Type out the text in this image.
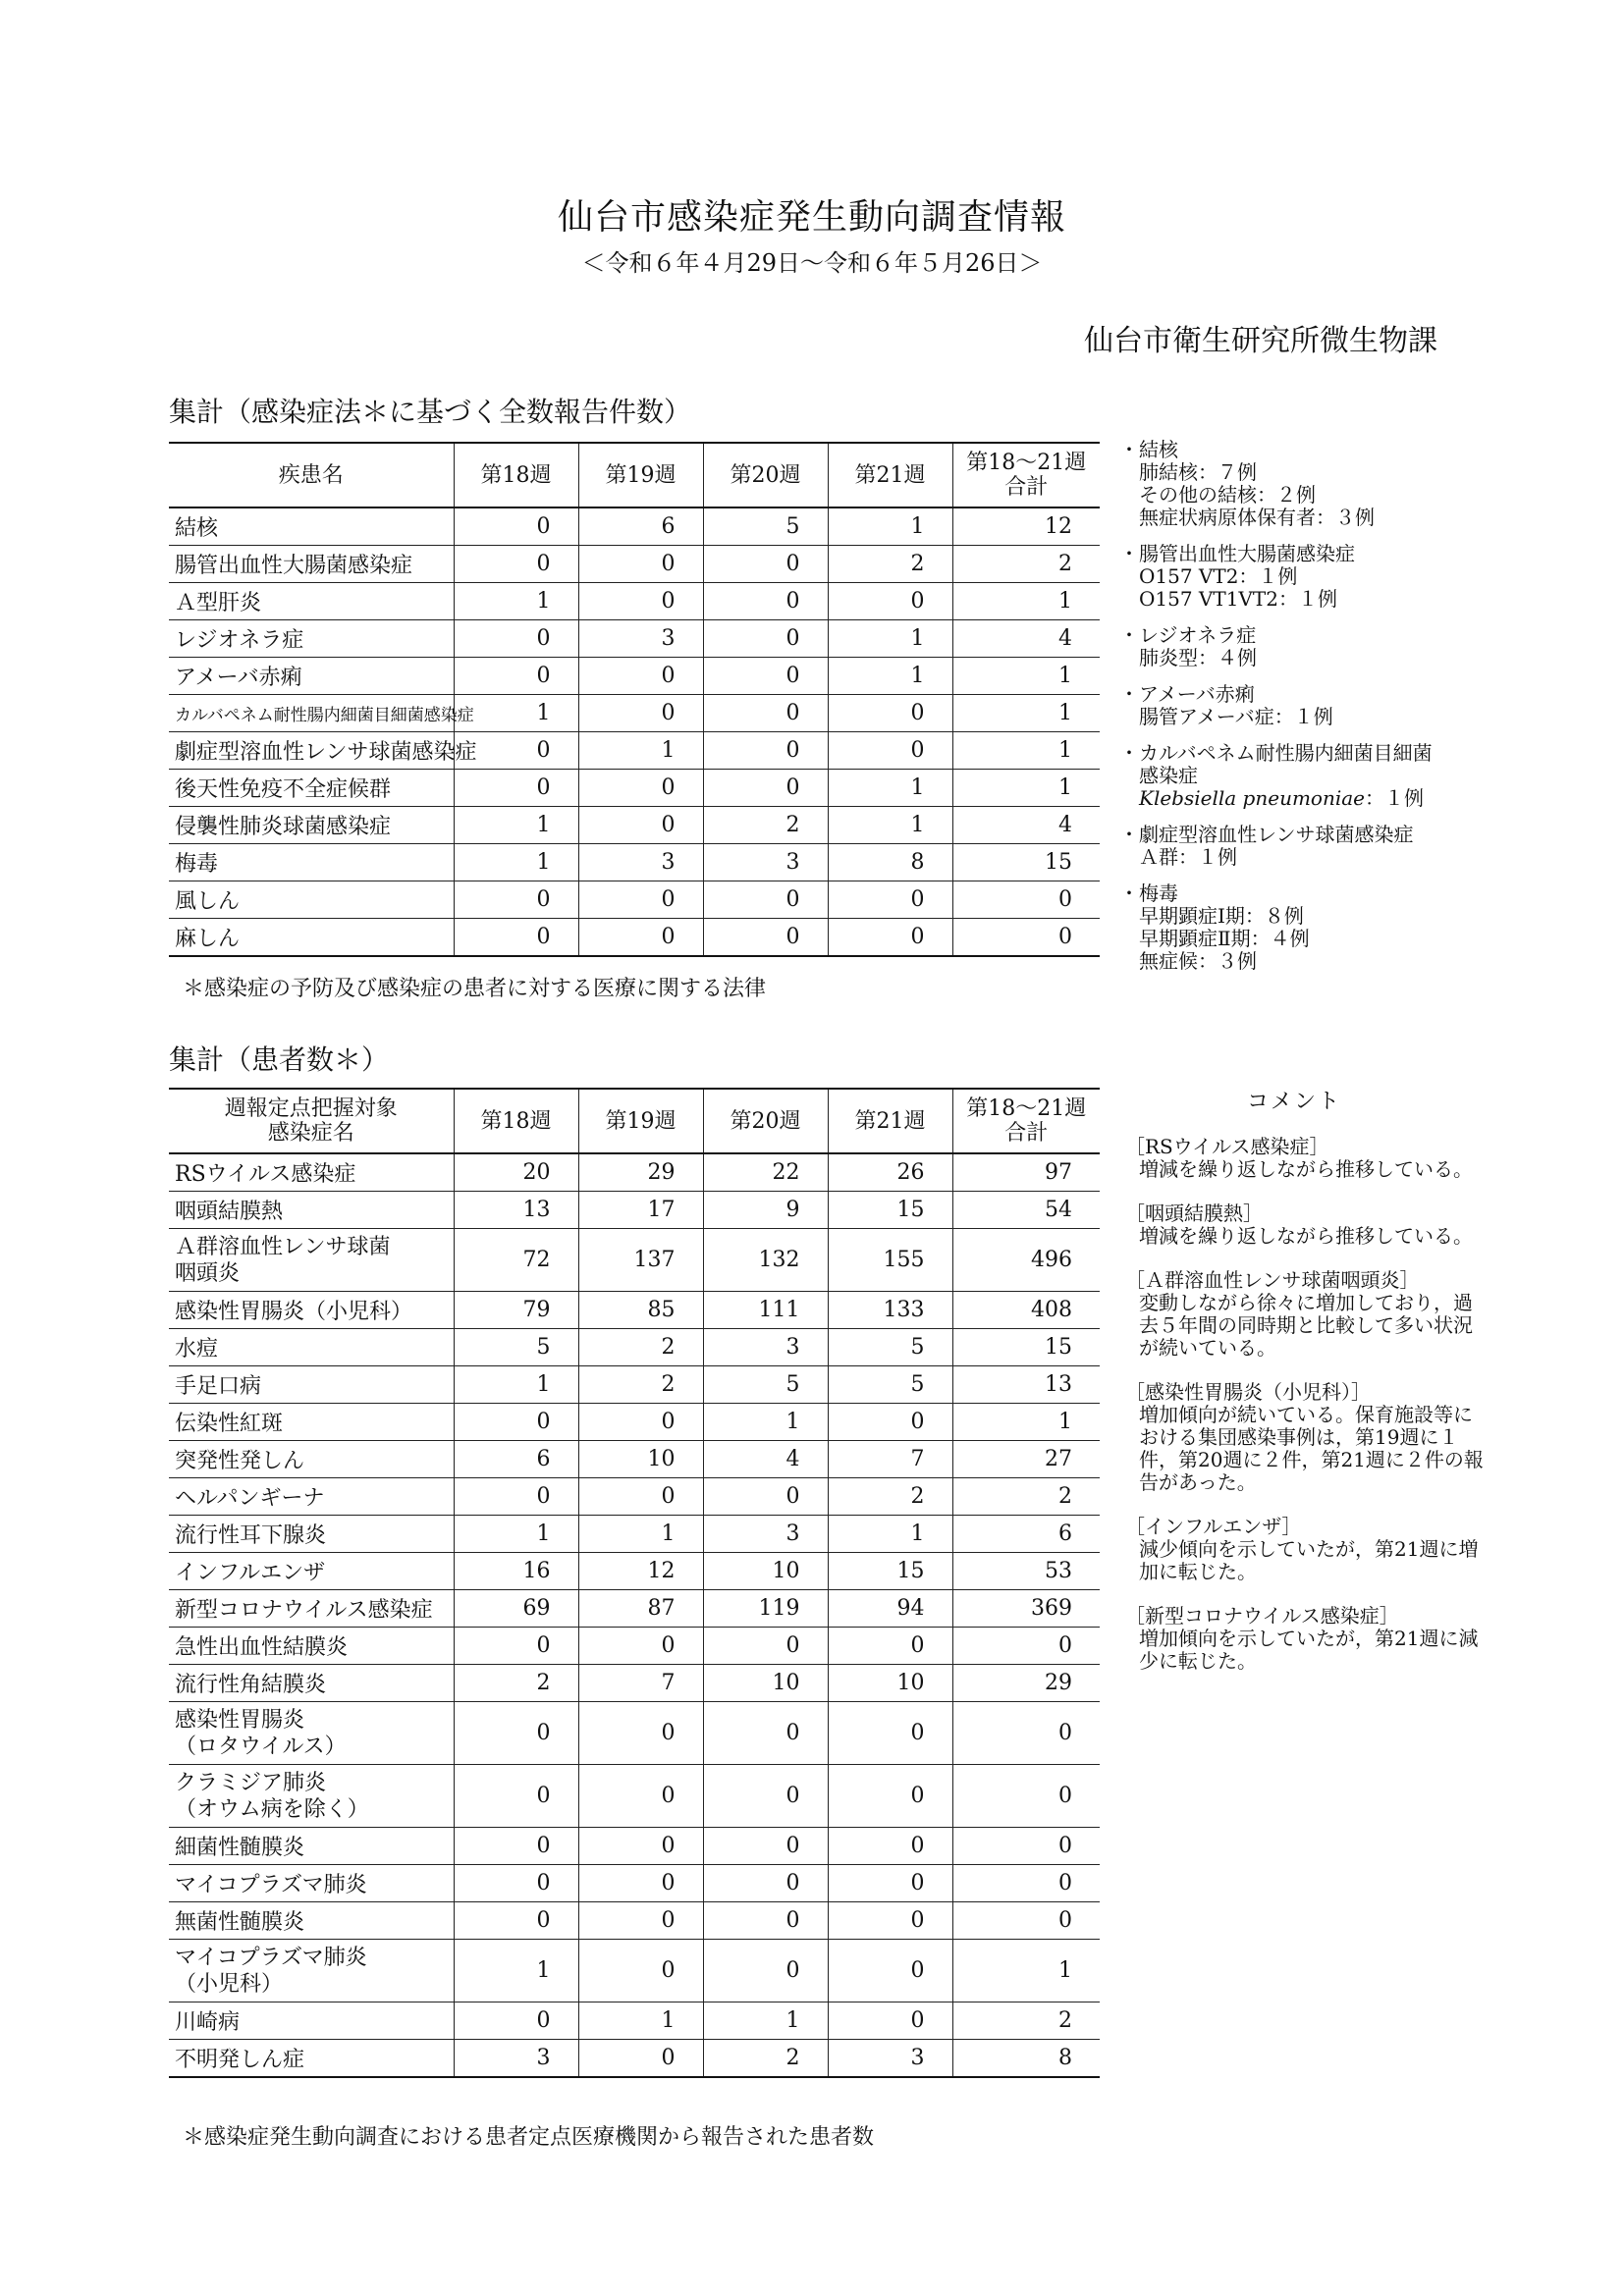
仙台市感染症発生動向調査情報
＜令和６年４月29日～令和６年５月26日＞
仙台市衛生研究所微生物課
集計（感染症法＊に基づく全数報告件数）
疾患名	第18週	第19週	第20週	第21週	第18～21週
合計
結核	0	6	5	1	12
腸管出血性大腸菌感染症	0	0	0	2	2
Ａ型肝炎	1	0	0	0	1
レジオネラ症	0	3	0	1	4
アメーバ赤痢	0	0	0	1	1
カルバペネム耐性腸内細菌目細菌感染症	1	0	0	0	1
劇症型溶血性レンサ球菌感染症	0	1	0	0	1
後天性免疫不全症候群	0	0	0	1	1
侵襲性肺炎球菌感染症	1	0	2	1	4
梅毒	1	3	3	8	15
風しん	0	0	0	0	0
麻しん	0	0	0	0	0
＊感染症の予防及び感染症の患者に対する医療に関する法律
・ 結核
肺結核：７例
その他の結核：２例
無症状病原体保有者：３例
・ 腸管出血性大腸菌感染症
O157 VT2：１例
O157 VT1VT2：１例
・ レジオネラ症
肺炎型：４例
・ アメーバ赤痢
腸管アメーバ症：１例
・ カルバペネム耐性腸内細菌目細菌
感染症
Klebsiella pneumoniae：１例
・ 劇症型溶血性レンサ球菌感染症
Ａ群：１例
・ 梅毒
早期顕症Ⅰ期：８例
早期顕症Ⅱ期：４例
無症候：３例
集計（患者数＊）
週報定点把握対象
感染症名	第18週	第19週	第20週	第21週	第18～21週
合計
RSウイルス感染症	20	29	22	26	97
咽頭結膜熱	13	17	9	15	54
Ａ群溶血性レンサ球菌
咽頭炎	72	137	132	155	496
感染性胃腸炎（小児科）	79	85	111	133	408
水痘	5	2	3	5	15
手足口病	1	2	5	5	13
伝染性紅斑	0	0	1	0	1
突発性発しん	6	10	4	7	27
ヘルパンギーナ	0	0	0	2	2
流行性耳下腺炎	1	1	3	1	6
インフルエンザ	16	12	10	15	53
新型コロナウイルス感染症	69	87	119	94	369
急性出血性結膜炎	0	0	0	0	0
流行性角結膜炎	2	7	10	10	29
感染性胃腸炎
（ロタウイルス）	0	0	0	0	0
クラミジア肺炎
（オウム病を除く）	0	0	0	0	0
細菌性髄膜炎	0	0	0	0	0
マイコプラズマ肺炎	0	0	0	0	0
無菌性髄膜炎	0	0	0	0	0
マイコプラズマ肺炎
（小児科）	1	0	0	0	1
川崎病	0	1	1	0	2
不明発しん症	3	0	2	3	8
＊感染症発生動向調査における患者定点医療機関から報告された患者数
コメント
［RSウイルス感染症］
増減を繰り返しながら推移している。
［咽頭結膜熱］
増減を繰り返しながら推移している。
［Ａ群溶血性レンサ球菌咽頭炎］
変動しながら徐々に増加しており，過去５年間の同時期と比較して多い状況が続いている。
［感染性胃腸炎（小児科）］
増加傾向が続いている。保育施設等における集団感染事例は，第19週に１件，第20週に２件，第21週に２件の報告があった。
［インフルエンザ］
減少傾向を示していたが，第21週に増加に転じた。
［新型コロナウイルス感染症］
増加傾向を示していたが，第21週に減少に転じた。
